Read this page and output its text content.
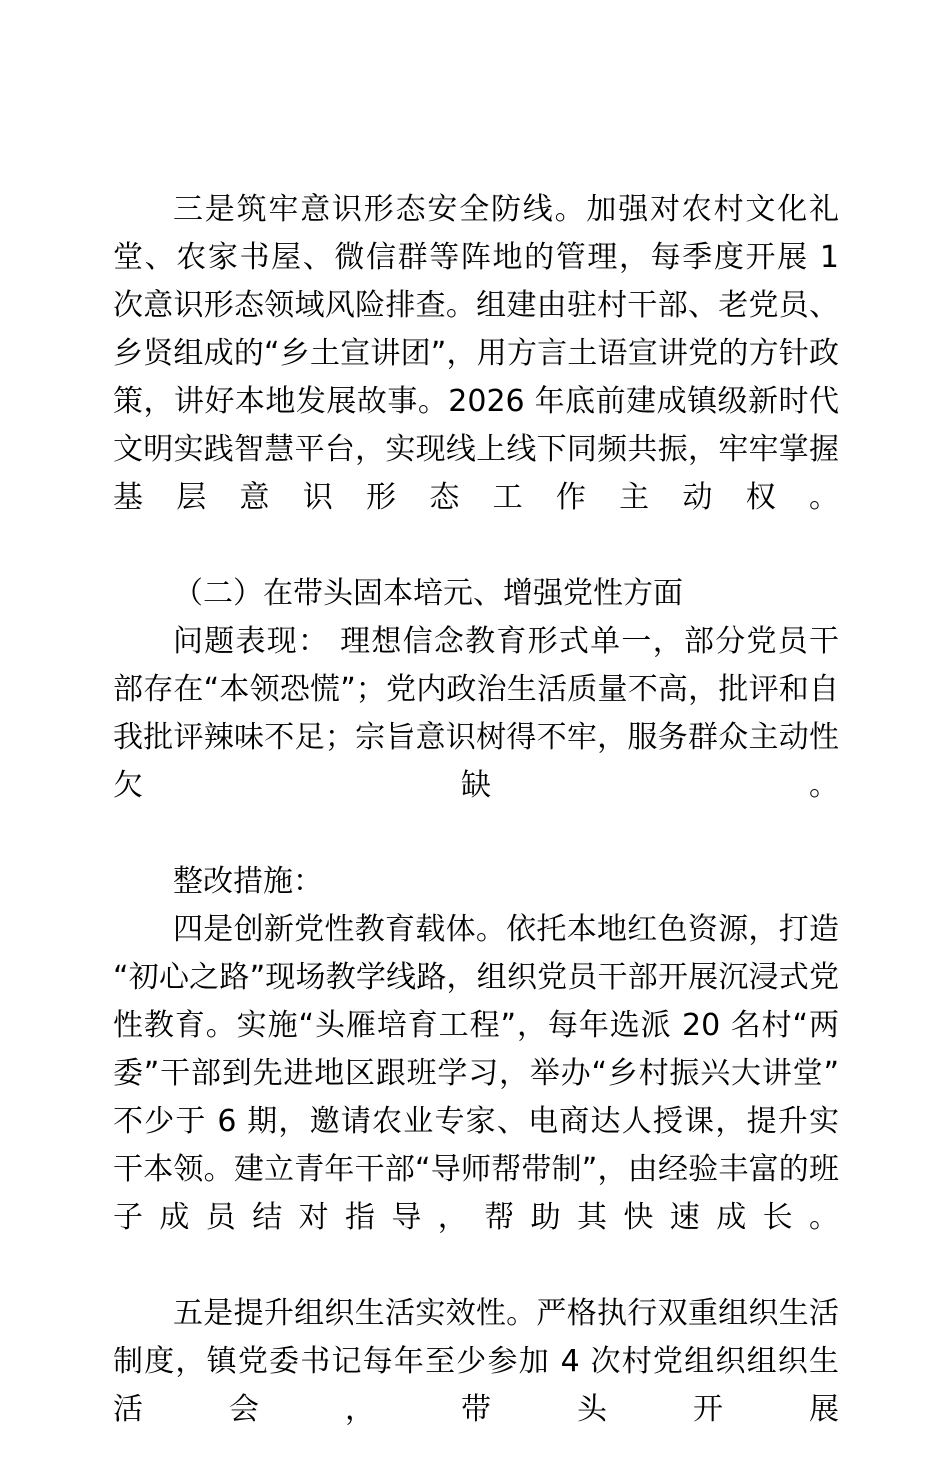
三是筑牢意识形态安全防线。加强对农村文化礼堂、农家书屋、微信群等阵地的管理，每季度开展 1 次意识形态领域风险排查。组建由驻村干部、老党员、乡贤组成的“乡土宣讲团”，用方言土语宣讲党的方针政策，讲好本地发展故事。2026 年底前建成镇级新时代文明实践智慧平台，实现线上线下同频共振，牢牢掌握基层意识形态工作主动权。

（二）在带头固本培元、增强党性方面

问题表现： 理想信念教育形式单一，部分党员干部存在“本领恐慌”；党内政治生活质量不高，批评和自我批评辣味不足；宗旨意识树得不牢，服务群众主动性欠缺。

整改措施：

四是创新党性教育载体。依托本地红色资源，打造“初心之路”现场教学线路，组织党员干部开展沉浸式党性教育。实施“头雁培育工程”，每年选派 20 名村“两委”干部到先进地区跟班学习，举办“乡村振兴大讲堂”不少于 6 期，邀请农业专家、电商达人授课，提升实干本领。建立青年干部“导师帮带制”，由经验丰富的班子成员结对指导，帮助其快速成长。

五是提升组织生活实效性。严格执行双重组织生活制度，镇党委书记每年至少参加 4 次村党组织组织生活会，带头开展
